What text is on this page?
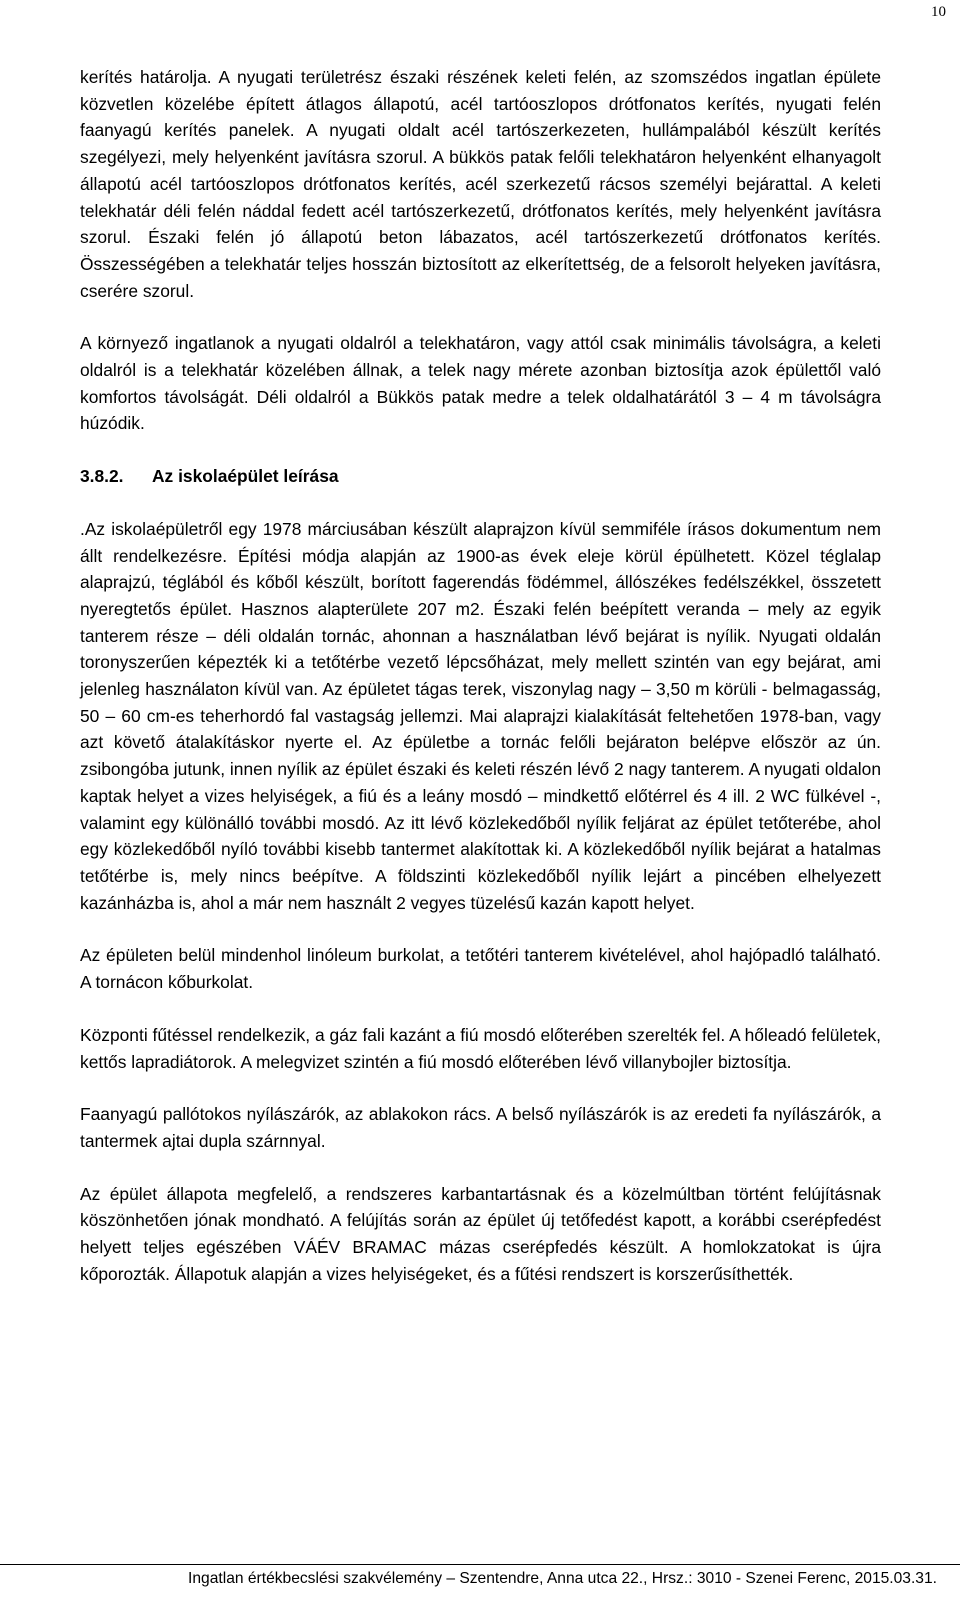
10

kerítés határolja. A nyugati területrész északi részének keleti felén, az szomszédos ingatlan épülete közvetlen közelébe épített átlagos állapotú, acél tartóoszlopos drótfonatos kerítés, nyugati felén faanyagú kerítés panelek. A nyugati oldalt acél tartószerkezeten, hullámpalából készült kerítés szegélyezi, mely helyenként javításra szorul. A bükkös patak felőli telekhatáron helyenként elhanyagolt állapotú acél tartóoszlopos drótfonatos kerítés, acél szerkezetű rácsos személyi bejárattal. A keleti telekhatár déli felén náddal fedett acél tartószerkezetű, drótfonatos kerítés, mely helyenként javításra szorul. Északi felén jó állapotú beton lábazatos, acél tartószerkezetű drótfonatos kerítés. Összességében a telekhatár teljes hosszán biztosított az elkerítettség, de a felsorolt helyeken javításra, cserére szorul.

A környező ingatlanok a nyugati oldalról a telekhatáron, vagy attól csak minimális távolságra, a keleti oldalról is a telekhatár közelében állnak, a telek nagy mérete azonban biztosítja azok épülettől való komfortos távolságát. Déli oldalról a Bükkös patak medre a telek oldalhatárától 3 – 4 m távolságra húzódik.

3.8.2. Az iskolaépület leírása

.Az iskolaépületről egy 1978 márciusában készült alaprajzon kívül semmiféle írásos dokumentum nem állt rendelkezésre. Építési módja alapján az 1900-as évek eleje körül épülhetett. Közel téglalap alaprajzú, téglából és kőből készült, borított fagerendás födémmel, állószékes fedélszékkel, összetett nyeregtetős épület. Hasznos alapterülete 207 m2. Északi felén beépített veranda – mely az egyik tanterem része – déli oldalán tornác, ahonnan a használatban lévő bejárat is nyílik. Nyugati oldalán toronyszerűen képezték ki a tetőtérbe vezető lépcsőházat, mely mellett szintén van egy bejárat, ami jelenleg használaton kívül van. Az épületet tágas terek, viszonylag nagy – 3,50 m körüli - belmagasság, 50 – 60 cm-es teherhordó fal vastagság jellemzi. Mai alaprajzi kialakítását feltehetően 1978-ban, vagy azt követő átalakításkor nyerte el. Az épületbe a tornác felőli bejáraton belépve először az ún. zsibongóba jutunk, innen nyílik az épület északi és keleti részén lévő 2 nagy tanterem. A nyugati oldalon kaptak helyet a vizes helyiségek, a fiú és a leány mosdó – mindkettő előtérrel és 4 ill. 2 WC fülkével -, valamint egy különálló további mosdó. Az itt lévő közlekedőből nyílik feljárat az épület tetőterébe, ahol egy közlekedőből nyíló további kisebb tantermet alakítottak ki. A közlekedőből nyílik bejárat a hatalmas tetőtérbe is, mely nincs beépítve. A földszinti közlekedőből nyílik lejárt a pincében elhelyezett kazánházba is, ahol a már nem használt 2 vegyes tüzelésű kazán kapott helyet.

Az épületen belül mindenhol linóleum burkolat, a tetőtéri tanterem kivételével, ahol hajópadló található. A tornácon kőburkolat.

Központi fűtéssel rendelkezik, a gáz fali kazánt a fiú mosdó előterében szerelték fel. A hőleadó felületek, kettős lapradiátorok. A melegvizet szintén a fiú mosdó előterében lévő villanybojler biztosítja.

Faanyagú pallótokos nyílászárók, az ablakokon rács. A belső nyílászárók is az eredeti fa nyílászárók, a tantermek ajtai dupla szárnnyal.

Az épület állapota megfelelő, a rendszeres karbantartásnak és a közelmúltban történt felújításnak köszönhetően jónak mondható. A felújítás során az épület új tetőfedést kapott, a korábbi cserépfedést helyett teljes egészében VÁÉV BRAMAC mázas cserépfedés készült. A homlokzatokat is újra kőporozták. Állapotuk alapján a vizes helyiségeket, és a fűtési rendszert is korszerűsíthették.

Ingatlan értékbecslési szakvélemény – Szentendre, Anna utca 22., Hrsz.: 3010 - Szenei Ferenc, 2015.03.31.
